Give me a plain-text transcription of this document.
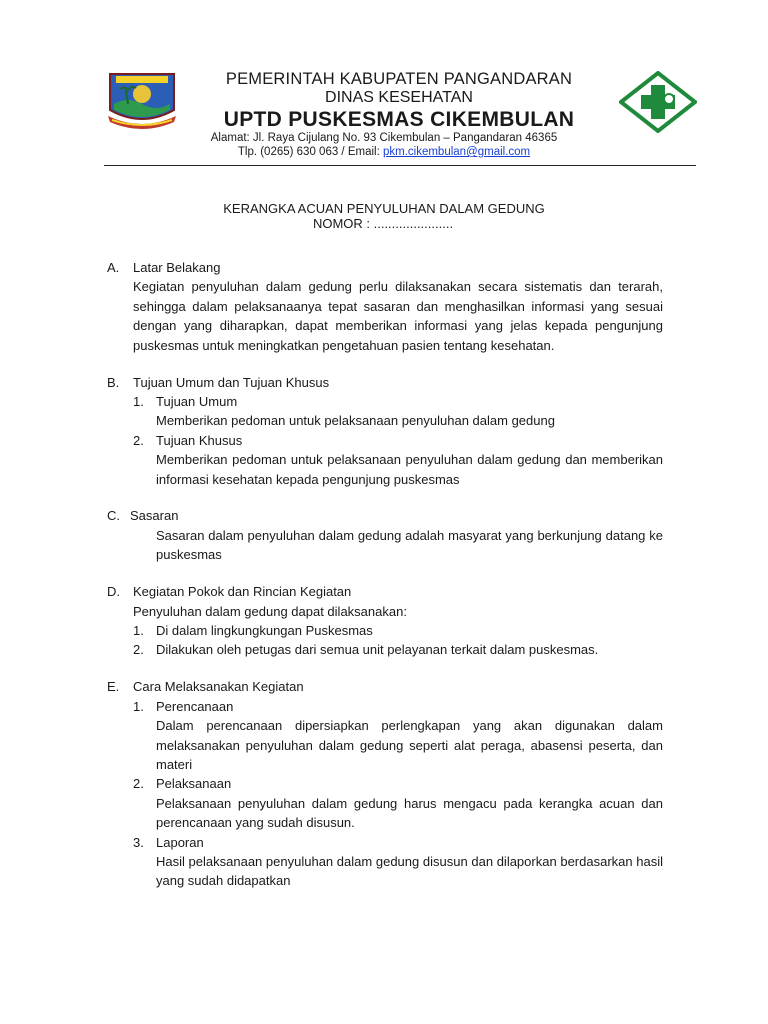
PEMERINTAH KABUPATEN PANGANDARAN
DINAS KESEHATAN
UPTD PUSKESMAS CIKEMBULAN
Alamat: Jl. Raya Cijulang No. 93 Cikembulan – Pangandaran 46365
Tlp. (0265) 630 063 / Email: pkm.cikembulan@gmail.com
KERANGKA ACUAN PENYULUHAN DALAM GEDUNG
NOMOR : ......................
A.	Latar Belakang
Kegiatan penyuluhan dalam gedung perlu dilaksanakan secara sistematis dan terarah, sehingga dalam pelaksanaanya tepat sasaran dan menghasilkan informasi yang sesuai dengan yang diharapkan, dapat memberikan informasi yang jelas kepada pengunjung puskesmas untuk meningkatkan pengetahuan pasien tentang kesehatan.
B.	Tujuan Umum dan Tujuan Khusus
1. Tujuan Umum
Memberikan pedoman untuk pelaksanaan penyuluhan dalam gedung
2. Tujuan Khusus
Memberikan pedoman untuk pelaksanaan penyuluhan dalam gedung dan memberikan informasi kesehatan kepada pengunjung puskesmas
C. Sasaran
Sasaran dalam penyuluhan dalam gedung adalah masyarat yang berkunjung datang ke puskesmas
D.	Kegiatan Pokok dan Rincian Kegiatan
Penyuluhan dalam gedung dapat dilaksanakan:
1. Di dalam lingkungkungan Puskesmas
2. Dilakukan oleh petugas dari semua unit pelayanan terkait dalam puskesmas.
E.	Cara Melaksanakan Kegiatan
1. Perencanaan
Dalam perencanaan dipersiapkan perlengkapan yang akan digunakan dalam melaksanakan penyuluhan dalam gedung seperti alat peraga, abasensi peserta, dan materi
2. Pelaksanaan
Pelaksanaan penyuluhan dalam gedung harus mengacu pada kerangka acuan dan perencanaan yang sudah disusun.
3. Laporan
Hasil pelaksanaan penyuluhan dalam gedung disusun dan dilaporkan berdasarkan hasil yang sudah didapatkan
